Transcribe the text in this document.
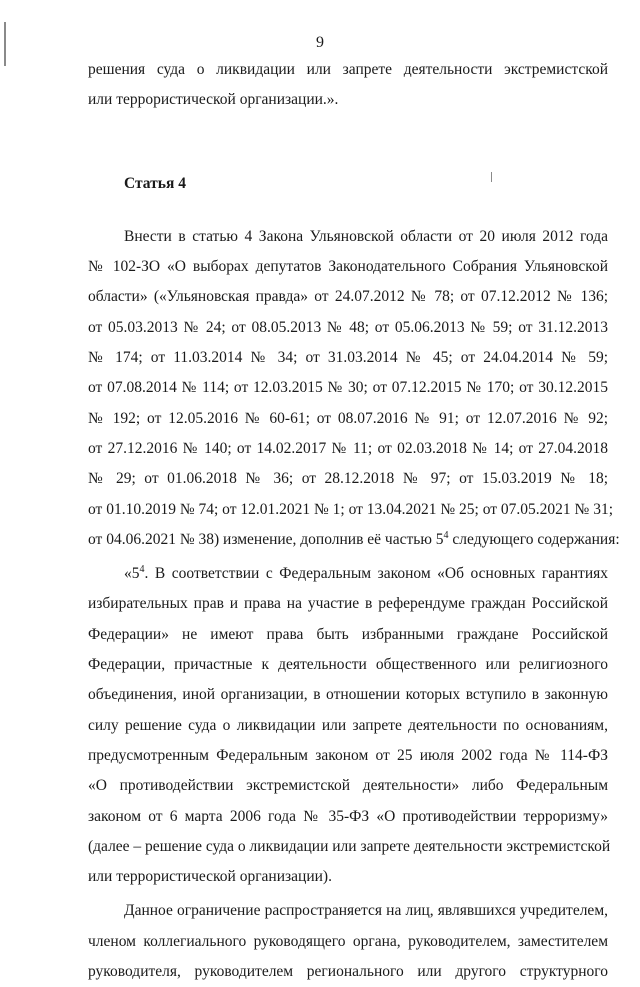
9
решения суда о ликвидации или запрете деятельности экстремистской
или террористической организации.».
Статья 4
Внести в статью 4 Закона Ульяновской области от 20 июля 2012 года
№ 102-ЗО «О выборах депутатов Законодательного Собрания Ульяновской
области» («Ульяновская правда» от 24.07.2012 № 78; от 07.12.2012 № 136;
от 05.03.2013 № 24; от 08.05.2013 № 48; от 05.06.2013 № 59; от 31.12.2013
№ 174; от 11.03.2014 № 34; от 31.03.2014 № 45; от 24.04.2014 № 59;
от 07.08.2014 № 114; от 12.03.2015 № 30; от 07.12.2015 № 170; от 30.12.2015
№ 192; от 12.05.2016 № 60-61; от 08.07.2016 № 91; от 12.07.2016 № 92;
от 27.12.2016 № 140; от 14.02.2017 № 11; от 02.03.2018 № 14; от 27.04.2018
№ 29; от 01.06.2018 № 36; от 28.12.2018 № 97; от 15.03.2019 № 18;
от 01.10.2019 № 74; от 12.01.2021 № 1; от 13.04.2021 № 25; от 07.05.2021 № 31;
от 04.06.2021 № 38) изменение, дополнив её частью $5^4$ следующего содержания:
«$5^4$. В соответствии с Федеральным законом «Об основных гарантиях
избирательных прав и права на участие в референдуме граждан Российской
Федерации» не имеют права быть избранными граждане Российской
Федерации, причастные к деятельности общественного или религиозного
объединения, иной организации, в отношении которых вступило в законную
силу решение суда о ликвидации или запрете деятельности по основаниям,
предусмотренным Федеральным законом от 25 июля 2002 года № 114-ФЗ
«О противодействии экстремистской деятельности» либо Федеральным
законом от 6 марта 2006 года № 35-ФЗ «О противодействии терроризму»
(далее – решение суда о ликвидации или запрете деятельности экстремистской
или террористической организации).
Данное ограничение распространяется на лиц, являвшихся учредителем,
членом коллегиального руководящего органа, руководителем, заместителем
руководителя, руководителем регионального или другого структурного
